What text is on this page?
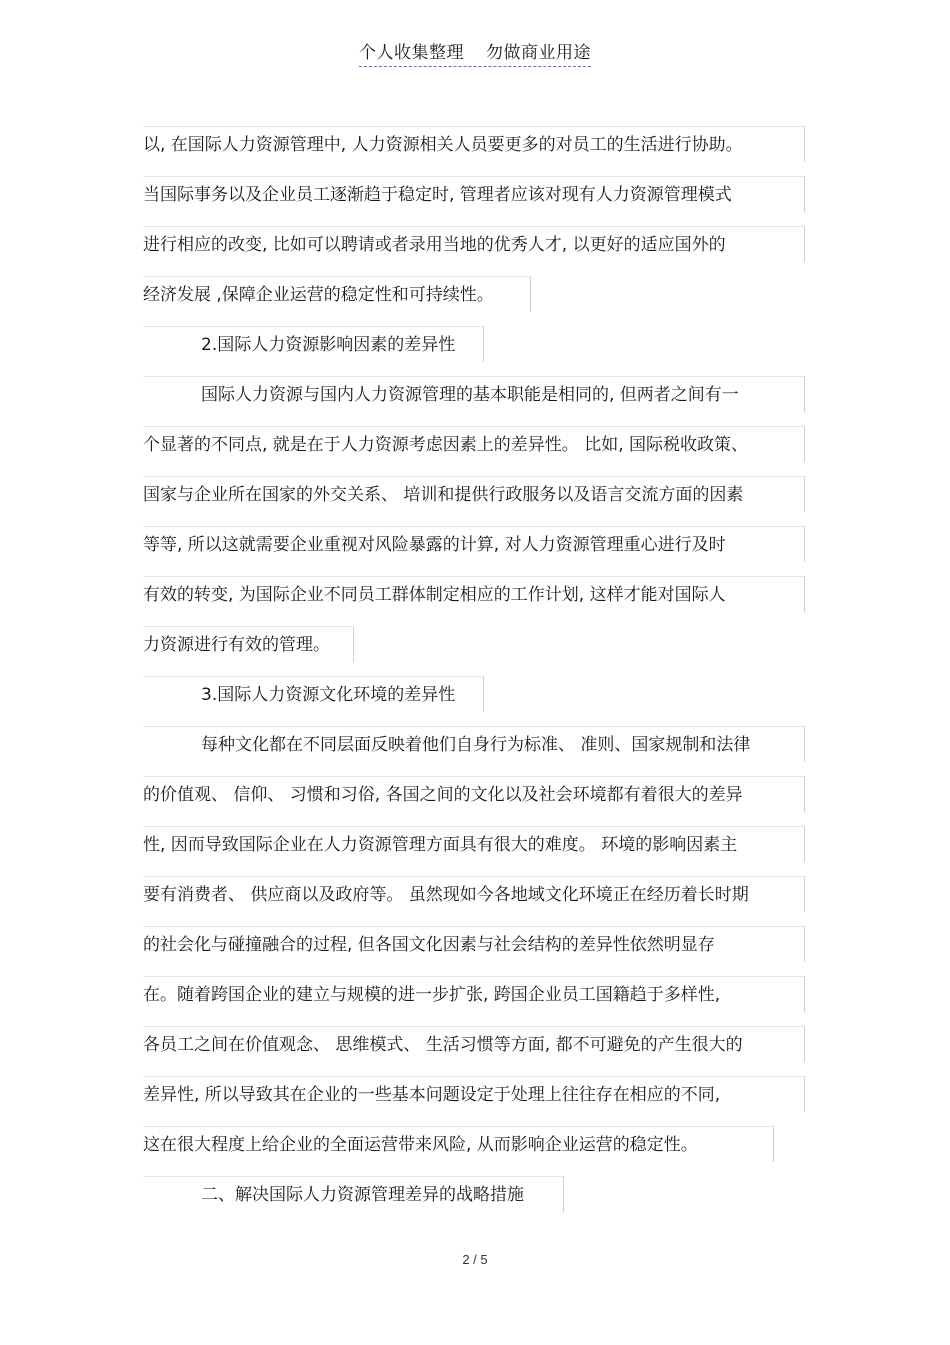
个人收集整理 勿做商业用途
以, 在国际人力资源管理中, 人力资源相关人员要更多的对员工的生活进行协助。
当国际事务以及企业员工逐渐趋于稳定时, 管理者应该对现有人力资源管理模式
进行相应的改变, 比如可以聘请或者录用当地的优秀人才, 以更好的适应国外的
经济发展 ,保障企业运营的稳定性和可持续性。
2.国际人力资源影响因素的差异性
国际人力资源与国内人力资源管理的基本职能是相同的, 但两者之间有一
个显著的不同点, 就是在于人力资源考虑因素上的差异性。 比如, 国际税收政策、
国家与企业所在国家的外交关系、 培训和提供行政服务以及语言交流方面的因素
等等, 所以这就需要企业重视对风险暴露的计算, 对人力资源管理重心进行及时
有效的转变, 为国际企业不同员工群体制定相应的工作计划, 这样才能对国际人
力资源进行有效的管理。
3.国际人力资源文化环境的差异性
每种文化都在不同层面反映着他们自身行为标准、 准则、国家规制和法律
的价值观、 信仰、 习惯和习俗, 各国之间的文化以及社会环境都有着很大的差异
性, 因而导致国际企业在人力资源管理方面具有很大的难度。 环境的影响因素主
要有消费者、 供应商以及政府等。 虽然现如今各地域文化环境正在经历着长时期
的社会化与碰撞融合的过程, 但各国文化因素与社会结构的差异性依然明显存
在。随着跨国企业的建立与规模的进一步扩张, 跨国企业员工国籍趋于多样性,
各员工之间在价值观念、 思维模式、 生活习惯等方面, 都不可避免的产生很大的
差异性, 所以导致其在企业的一些基本问题设定于处理上往往存在相应的不同,
这在很大程度上给企业的全面运营带来风险, 从而影响企业运营的稳定性。
二、解决国际人力资源管理差异的战略措施
2 / 5
